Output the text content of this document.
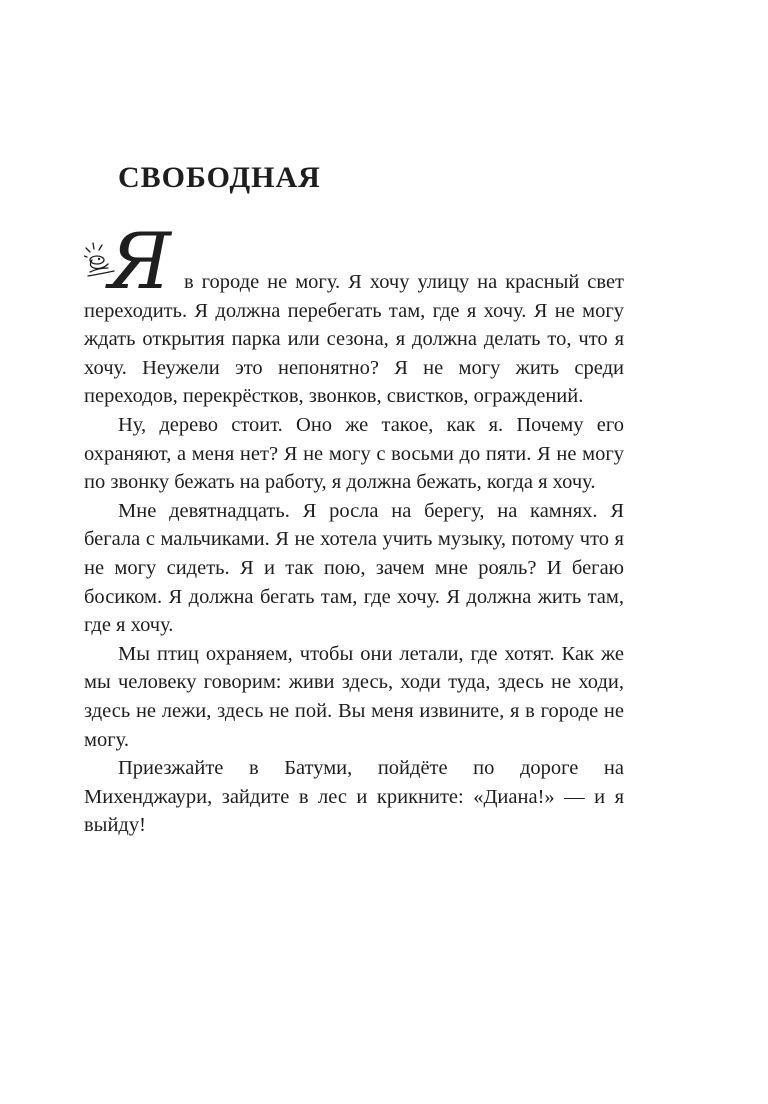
СВОБОДНАЯ

Я в городе не могу. Я хочу улицу на красный свет переходить. Я должна перебегать там, где я хочу. Я не могу ждать открытия парка или сезона, я должна делать то, что я хочу. Неужели это непонятно? Я не могу жить среди переходов, перекрёстков, звонков, свистков, ограждений.

Ну, дерево стоит. Оно же такое, как я. Почему его охраняют, а меня нет? Я не могу с восьми до пяти. Я не могу по звонку бежать на работу, я должна бежать, когда я хочу.

Мне девятнадцать. Я росла на берегу, на камнях. Я бегала с мальчиками. Я не хотела учить музыку, потому что я не могу сидеть. Я и так пою, зачем мне рояль? И бегаю босиком. Я должна бегать там, где хочу. Я должна жить там, где я хочу.

Мы птиц охраняем, чтобы они летали, где хотят. Как же мы человеку говорим: живи здесь, ходи туда, здесь не ходи, здесь не лежи, здесь не пой. Вы меня извините, я в городе не могу.

Приезжайте в Батуми, пойдёте по дороге на Михенджаури, зайдите в лес и крикните: «Диана!» — и я выйду!
